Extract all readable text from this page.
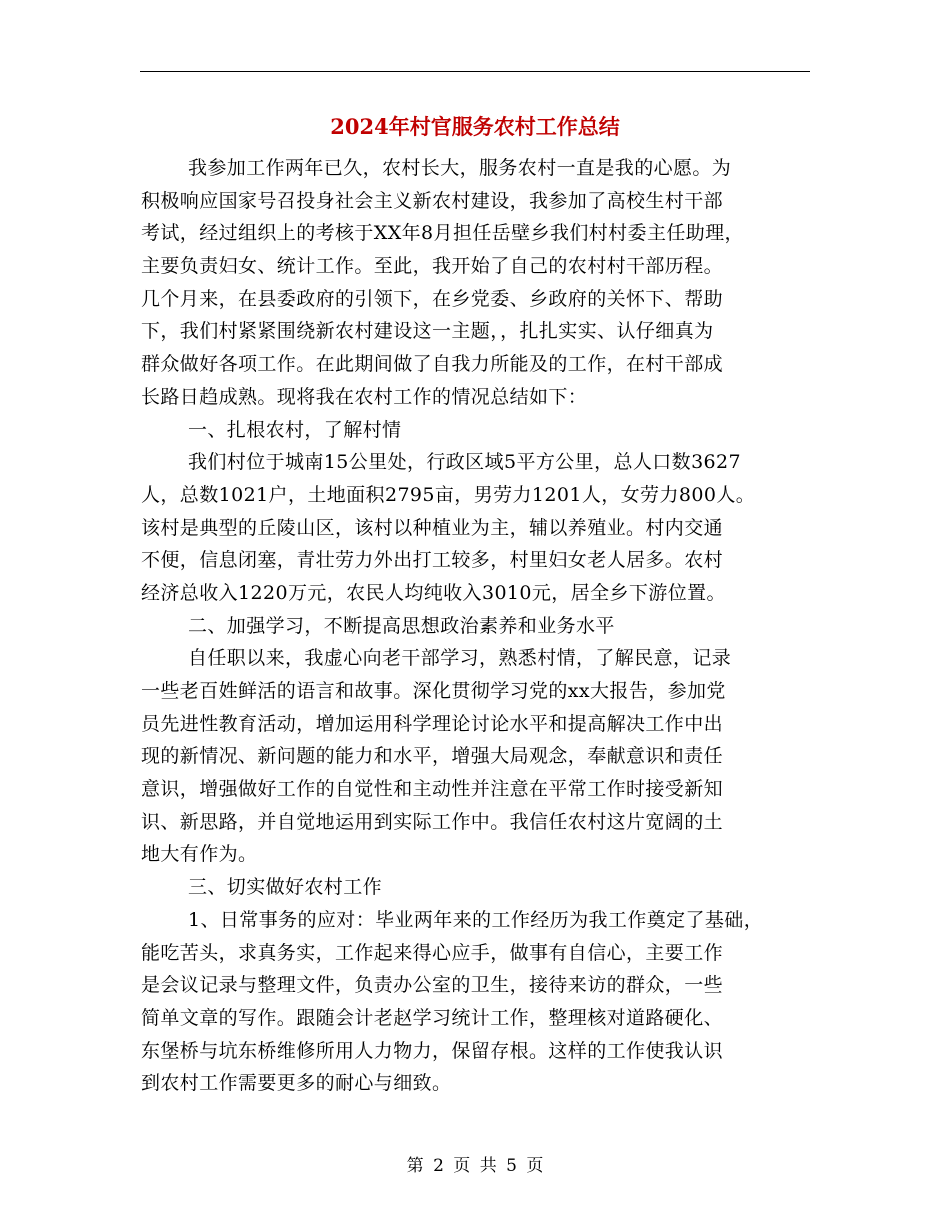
2024年村官服务农村工作总结
我参加工作两年已久，农村长大，服务农村一直是我的心愿。为
积极响应国家号召投身社会主义新农村建设，我参加了高校生村干部
考试，经过组织上的考核于XX年8月担任岳壁乡我们村村委主任助理，
主要负责妇女、统计工作。至此，我开始了自己的农村村干部历程。
几个月来，在县委政府的引领下，在乡党委、乡政府的关怀下、帮助
下，我们村紧紧围绕新农村建设这一主题，，扎扎实实、认仔细真为
群众做好各项工作。在此期间做了自我力所能及的工作，在村干部成
长路日趋成熟。现将我在农村工作的情况总结如下：
一、扎根农村，了解村情
我们村位于城南15公里处，行政区域5平方公里，总人口数3627
人，总数1021户，土地面积2795亩，男劳力1201人，女劳力800人。
该村是典型的丘陵山区，该村以种植业为主，辅以养殖业。村内交通
不便，信息闭塞，青壮劳力外出打工较多，村里妇女老人居多。农村
经济总收入1220万元，农民人均纯收入3010元，居全乡下游位置。
二、加强学习，不断提高思想政治素养和业务水平
自任职以来，我虚心向老干部学习，熟悉村情，了解民意，记录
一些老百姓鲜活的语言和故事。深化贯彻学习党的xx大报告，参加党
员先进性教育活动，增加运用科学理论讨论水平和提高解决工作中出
现的新情况、新问题的能力和水平，增强大局观念，奉献意识和责任
意识，增强做好工作的自觉性和主动性并注意在平常工作时接受新知
识、新思路，并自觉地运用到实际工作中。我信任农村这片宽阔的土
地大有作为。
三、切实做好农村工作
1、日常事务的应对：毕业两年来的工作经历为我工作奠定了基础，
能吃苦头，求真务实，工作起来得心应手，做事有自信心，主要工作
是会议记录与整理文件，负责办公室的卫生，接待来访的群众，一些
简单文章的写作。跟随会计老赵学习统计工作，整理核对道路硬化、
东堡桥与坑东桥维修所用人力物力，保留存根。这样的工作使我认识
到农村工作需要更多的耐心与细致。
第 2 页 共 5 页
